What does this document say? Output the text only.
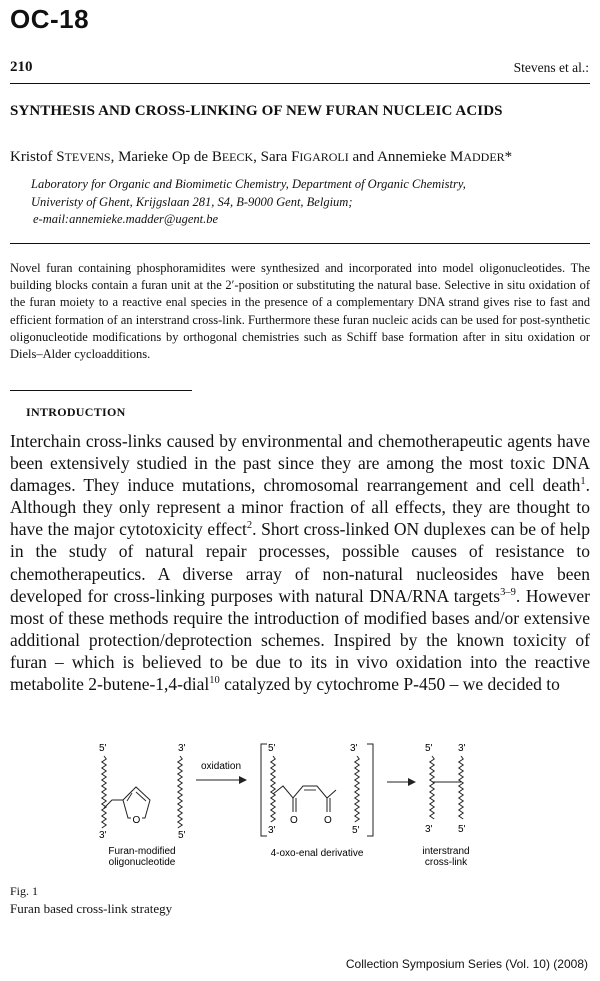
OC-18
210	Stevens et al.:
SYNTHESIS AND CROSS-LINKING OF NEW FURAN NUCLEIC ACIDS
Kristof STEVENS, Marieke Op de BEECK, Sara FIGAROLI and Annemieke MADDER*
Laboratory for Organic and Biomimetic Chemistry, Department of Organic Chemistry,
Univeristy of Ghent, Krijgslaan 281, S4, B-9000 Gent, Belgium;
e-mail:annemieke.madder@ugent.be
Novel furan containing phosphoramidites were synthesized and incorporated into model oligonucleotides. The building blocks contain a furan unit at the 2′-position or substituting the natural base. Selective in situ oxidation of the furan moiety to a reactive enal species in the presence of a complementary DNA strand gives rise to fast and efficient formation of an interstrand cross-link. Furthermore these furan nucleic acids can be used for post-synthetic oligonucleotide modifications by orthogonal chemistries such as Schiff base formation after in situ oxidation or Diels–Alder cycloadditions.
INTRODUCTION
Interchain cross-links caused by environmental and chemotherapeutic agents have been extensively studied in the past since they are among the most toxic DNA damages. They induce mutations, chromosomal rearrangement and cell death$^1$. Although they only represent a minor fraction of all effects, they are thought to have the major cytotoxicity effect$^2$. Short cross-linked ON duplexes can be of help in the study of natural repair processes, possible causes of resistance to chemotherapeutics. A diverse array of non-natural nucleosides have been developed for cross-linking purposes with natural DNA/RNA targets$^{3-9}$. However most of these methods require the introduction of modified bases and/or extensive additional protection/deprotection schemes. Inspired by the known toxicity of furan – which is believed to be due to its in vivo oxidation into the reactive metabolite 2-butene-1,4-dial$^{10}$ catalyzed by cytochrome P-450 – we decided to
5'	3'
O
3'	5'
Furan-modified
oligonucleotide
oxidation
5'	3'
O	O
3'	5'
4-oxo-enal derivative
5'	3'
3'	5'
interstrand
cross-link
Fig. 1
Furan based cross-link strategy
Collection Symposium Series (Vol. 10) (2008)
